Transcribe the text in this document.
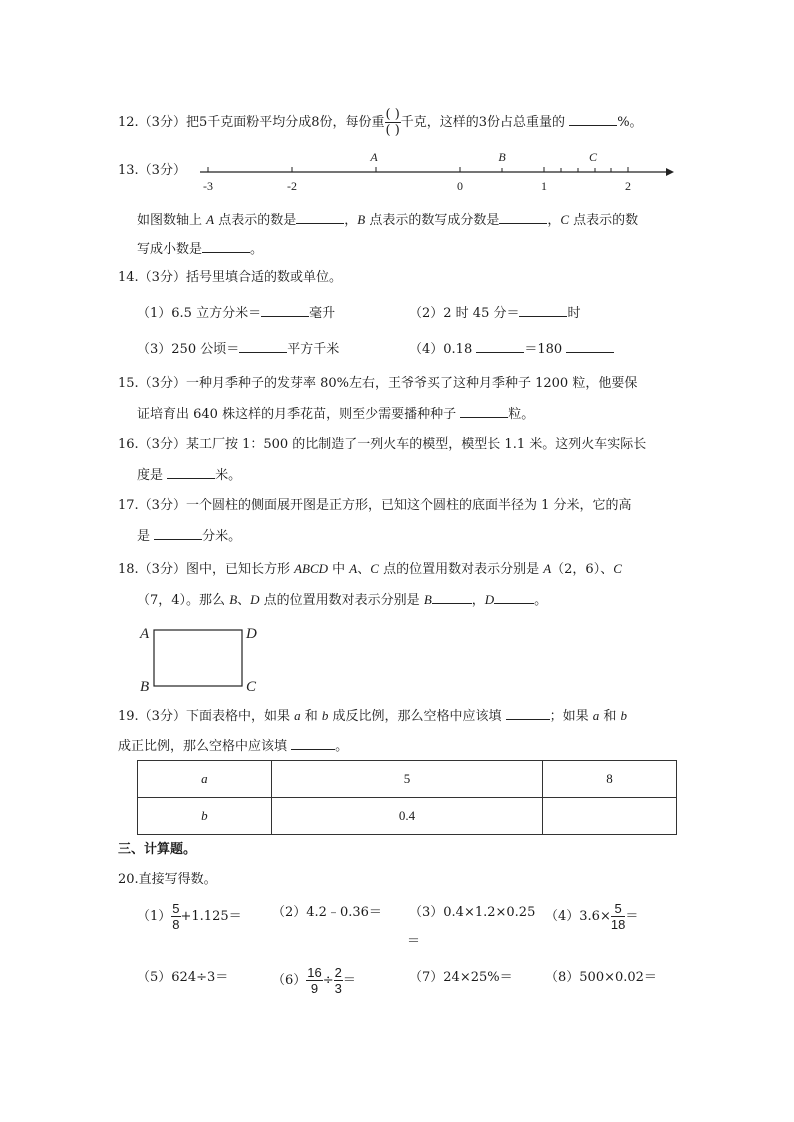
12.（3分）把5千克面粉平均分成8份，每份重 $\frac{( )}{( )}$ 千克，这样的3份占总重量的	%。
13.（3分）
-3	-2	0	1	2
A	B	C
如图数轴上 A 点表示的数是	，B 点表示的数写成分数是	，C 点表示的数
写成小数是	。
14.（3分）括号里填合适的数或单位。
（1）6.5 立方分米＝	毫升	（2）2 时 45 分＝	时
（3）250 公顷＝	平方千米	（4）0.18	＝180
15.（3分）一种月季种子的发芽率 80%左右，王爷爷买了这种月季种子 1200 粒，他要保
证培育出 640 株这样的月季花苗，则至少需要播种种子	粒。
16.（3分）某工厂按 1：500 的比制造了一列火车的模型，模型长 1.1 米。这列火车实际长
度是	米。
17.（3分）一个圆柱的侧面展开图是正方形，已知这个圆柱的底面半径为 1 分米，它的高
是	分米。
18.（3分）图中，已知长方形 ABCD 中 A、C 点的位置用数对表示分别是 A（2，6）、C
（7，4）。那么 B、D 点的位置用数对表示分别是 B	，D	。
A	D
B	C
19.（3分）下面表格中，如果 a 和 b 成反比例，那么空格中应该填	；如果 a 和 b
成正比例，那么空格中应该填	。
a	5	8
b	0.4	
三、计算题。
20.直接写得数。
$(1) \frac{5}{8} +1.125=$ （2）4.2﹣0.36＝ （3）0.4×1.2×0.25
＝
$(4)3.6\times \frac{5}{18}$ ＝
（5）624÷3＝	$(6) \frac{16}{9} \div \frac{2}{3}$ ＝	（7）24×25%＝ （8）500×0.02＝
